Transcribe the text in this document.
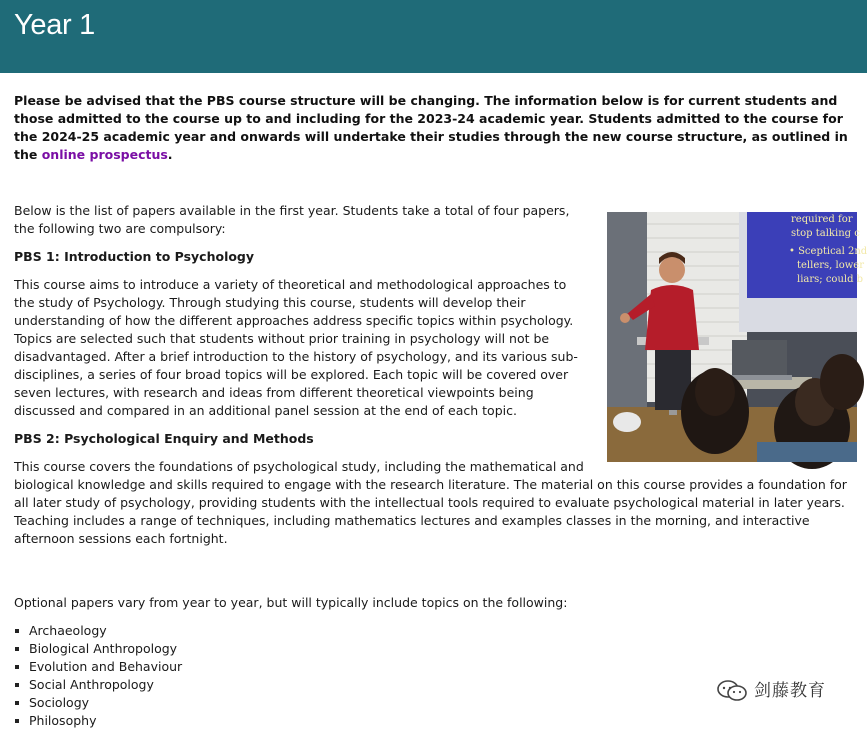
Year 1
Please be advised that the PBS course structure will be changing. The information below is for current students and those admitted to the course up to and including for the 2023-24 academic year. Students admitted to the course for the 2024-25 academic year and onwards will undertake their studies through the new course structure, as outlined in the online prospectus.
required for
stop talking c
• Sceptical 2nd
tellers, lower
liars; could b

Below is the list of papers available in the first year. Students take a total of four papers, the following two are compulsory:

PBS 1: Introduction to Psychology

This course aims to introduce a variety of theoretical and methodological approaches to the study of Psychology. Through studying this course, students will develop their understanding of how the different approaches address specific topics within psychology. Topics are selected such that students without prior training in psychology will not be disadvantaged. After a brief introduction to the history of psychology, and its various sub-disciplines, a series of four broad topics will be explored. Each topic will be covered over seven lectures, with research and ideas from different theoretical viewpoints being discussed and compared in an additional panel session at the end of each topic.

PBS 2: Psychological Enquiry and Methods

This course covers the foundations of psychological study, including the mathematical and biological knowledge and skills required to engage with the research literature. The material on this course provides a foundation for all later study of psychology, providing students with the intellectual tools required to evaluate psychological material in later years. Teaching includes a range of techniques, including mathematics lectures and examples classes in the morning, and interactive afternoon sessions each fortnight.

Optional papers vary from year to year, but will typically include topics on the following:

Archaeology
Biological Anthropology
Evolution and Behaviour
Social Anthropology
Sociology
Philosophy
剑藤教育
